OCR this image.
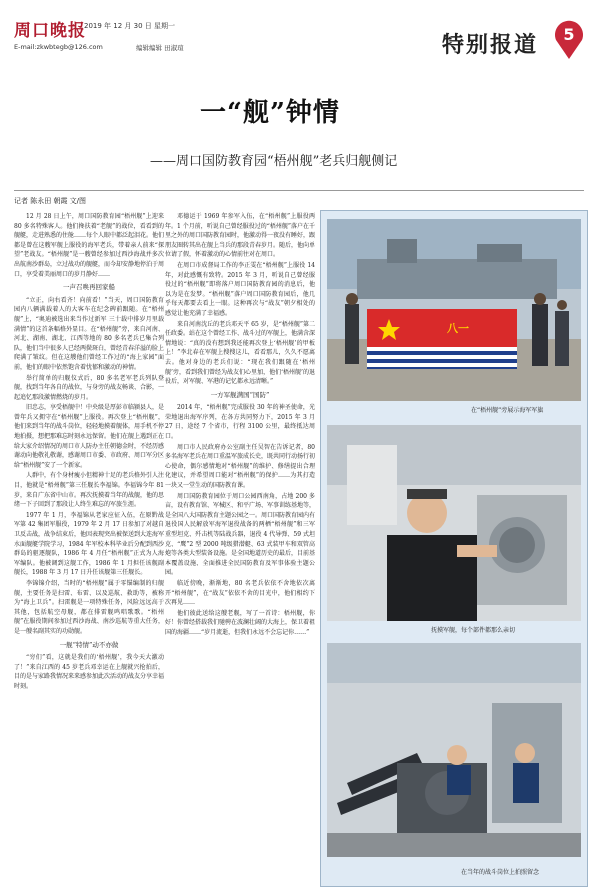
周口晚报
2019 年 12 月 30 日 星期一
E-mail:zkwbtegb@126.com	编辑编辑 田淑瑄	特别报道 5
一“舰”钟情
——周口国防教育园“梧州舰”老兵归舰侧记
记者 陈永田 朝霞 文/图

12 月 28 日上午，周口国防教育园“梧州舰”上迎来 80 多名特殊客人。他们搀扶着“老舰”的战位，看看到的舰艇，走进熟悉的住舱……每个人眼中都泛起泪花。他们都是曾在这艘军舰上服役的海军老兵，带着亲人前来“探望”老战友。“梧州舰”是一艘曾经参加过西沙海战并多次出航南沙群岛，立过战功的舰艇，而今却安静地停泊于周口，享受着美丽周口的岁月静好……

一声召唤再回家船

“立正，向右看齐！向前看！”当天，周口国防教育园内八辆满载着人的大客车在纪念碑前跟随。在“梧州舰”上，“奥迪被选出来当作过新军 三十载中排岁月里载满情”的这首条幅格外显目。在“梧州舰”旁，来自河南、河北、湖南、湖北、江西等地的 80 多名老兵已集合列队，他们当中很多人已经两鬓斑白，曾经青春洋溢的脸上爬满了皱纹。但在这艘他们曾经工作过的“海上家园”面前，他们的眼中依然饱含着忧郁和激动的神情。

举行简单的归舰仪式后，80 多名老军老兵列队登舰，找到当年各自的战位，与身旁的战友畅谈、合影，一起追忆那段激情燃烧的岁月。

旧忠志，享受梧舰中！中央级是厚彭市临颍县人，是曾年兵又拥守在“梧州舰”上服役。再次登上“梧州舰”，他们来到当年的战斗岗位，轻轻地摸着舰体，用手机不停地拍摄，想把那难忘时刻永远保留。他们在舰上遇到正在给大家介绍情况的周口市人防办主任朝德金时，不经历感谢动向他敬礼敬谢，感谢周口市委、市政府、周口军分区给“梧州舰”安了一个新家。

人群中，有个身材瘦小但精神十足的老兵格外引人注目，他就是“梧州舰”第三任舰长李福锦。李福锦今年 81 岁，来自广东省中山市。再次抚摸着当年的战舰，他的思绪一下子回到了那段让人终生难忘的军旅生涯。

1977 年 1 月，李福锦从老家应征入伍，在原黔战军第 42 集团军服役，1979 年 2 月 17 日参加了对越自卫反击战，战争结束后，他因表现突出被保送到大连海军水面舰艇学院学习，1984 年军校本科毕业后分配到西沙群岛的驱逐舰队，1986 年 4 月任“梧州舰”正式为人海军编队。他被调到这舰工作，1986 年 1 月担任该舰副舰长，1988 年 3 月 17 日升任该舰第三任舰长。

李锦锦介绍，当时的“梧州舰”属于零锚编制的归舰舰，主要任务是扫雷、布雷、以及巡航、救助等，被称为“海上卫兵”。扫雷舰是一项特殊任务，风险远远高于其他，包括航空母舰，都在排雷舰鸣唱歌歌。“梧州舰”在服役期间参加过西沙海战、南沙巡航等重大任务，是一艘名副其实的功勋舰。

一舰“特情”动不亦做

“穷们”看，这就是我们的‘梧州舰’，我今天大激动了！”来自江西的 45 岁老兵邓幸运在上舰就兴抢拍后，目的是与家路我情况来来感参加此次活动的战友分享幸福时刻。

邓德运于 1969 年参军入伍，在“梧州舰”上服役两年。1 个月前，听说自己曾经服役过的“梧州舰”落户在千里之外的周口国防教育园时，他激动得一夜没有睡好，跟朋友圈转其出在舰上当兵的那段青春岁月。随后，他向单位请了假，怀着激动的心情前往对在周口。

在周口市成督局工作的李正雯在“梧州舰”上服役 14 年，对此感慨有致特。2015 年 3 月，听说自己曾经服役过的“梧州舰”即将落户周口国防教育园的消息后，他以为是在发梦。“梧州舰”落户周口国防教育园后，他几乎每天都要去看上一眼。这种再次与“战友”朝夕相处的感觉让他充满了幸福感。

来自河南沈丘的老兵邓天平 65 岁，是“梧州舰”第二任政委。站在这个曾经工作、战斗过的军舰上，他满含深情地说：“真的没有想到我还能再次登上‘梧州舰’的甲板上！”李北春在军舰上搜搜这儿，看看那儿，久久不愿离去。他对身边的老兵们说：“现在我们跟随在‘梧州舰’旁，看到我们曾经为战友们心里加，他们‘梧州舰’的退役后，对军舰、军港的记忆都永远清晰。”

一方军舰满国“国防”

2014 年，“梧州舰”完成服役 30 年的神圣使命，光荣地退出海军序列，在各方共同努力下，2015 年 3 月 27 日，途经 7 个省市，行程 3100 公里，最终抵达周口。

周口市人民政府办公室副主任吴智在告诉记者，80 多名海军老兵在周口重温军旅成长史，既共同行动扬行初心使命，偶尔感情地对“梧州舰”的维护、修缮提出合理化建议，并希望周口能对“梧州舰”的保护……为其打造一块又一堂生动的国防教育课。

周口国防教育园位于周口公园西南角，占地 200 多亩，设有教育馆、军械区、和平广场、军事训练基地等，是全国八大国防教育主题公园之一。周口国防教育园内有退役国人民解放军海军退役战备的两栖“梧州舰”和三军重型坦克、歼击机等陆战兵器，退役 4 代导弹、59 式坦克、“鹰”2 型 2000 吨级猎潜艇、63 式装甲车和双管高炮等各类大型装备设施。是全国地道历史的最后，目前基本覆盖设施、全面推进全民国防教育及军事体验主题公园。

临近傍晚，渐渐地，80 名老兵依依不舍地依次离开“梧州舰”，在“战友”依依不舍的目光中，他们相约下次再见……

他们彼此送给这艘老舰，写了一首诗：梧州舰，你好！你曾经搭载我们驰骋在波澜壮阔的大海上，保卫着祖国的海疆……“岁月流逝，但我们永远不会忘记你……”

八一
在“梧州舰”旁展示海军军旗
抚摸军舰，每个部件都那么亲切
在当年的战斗岗位上拍照留念
